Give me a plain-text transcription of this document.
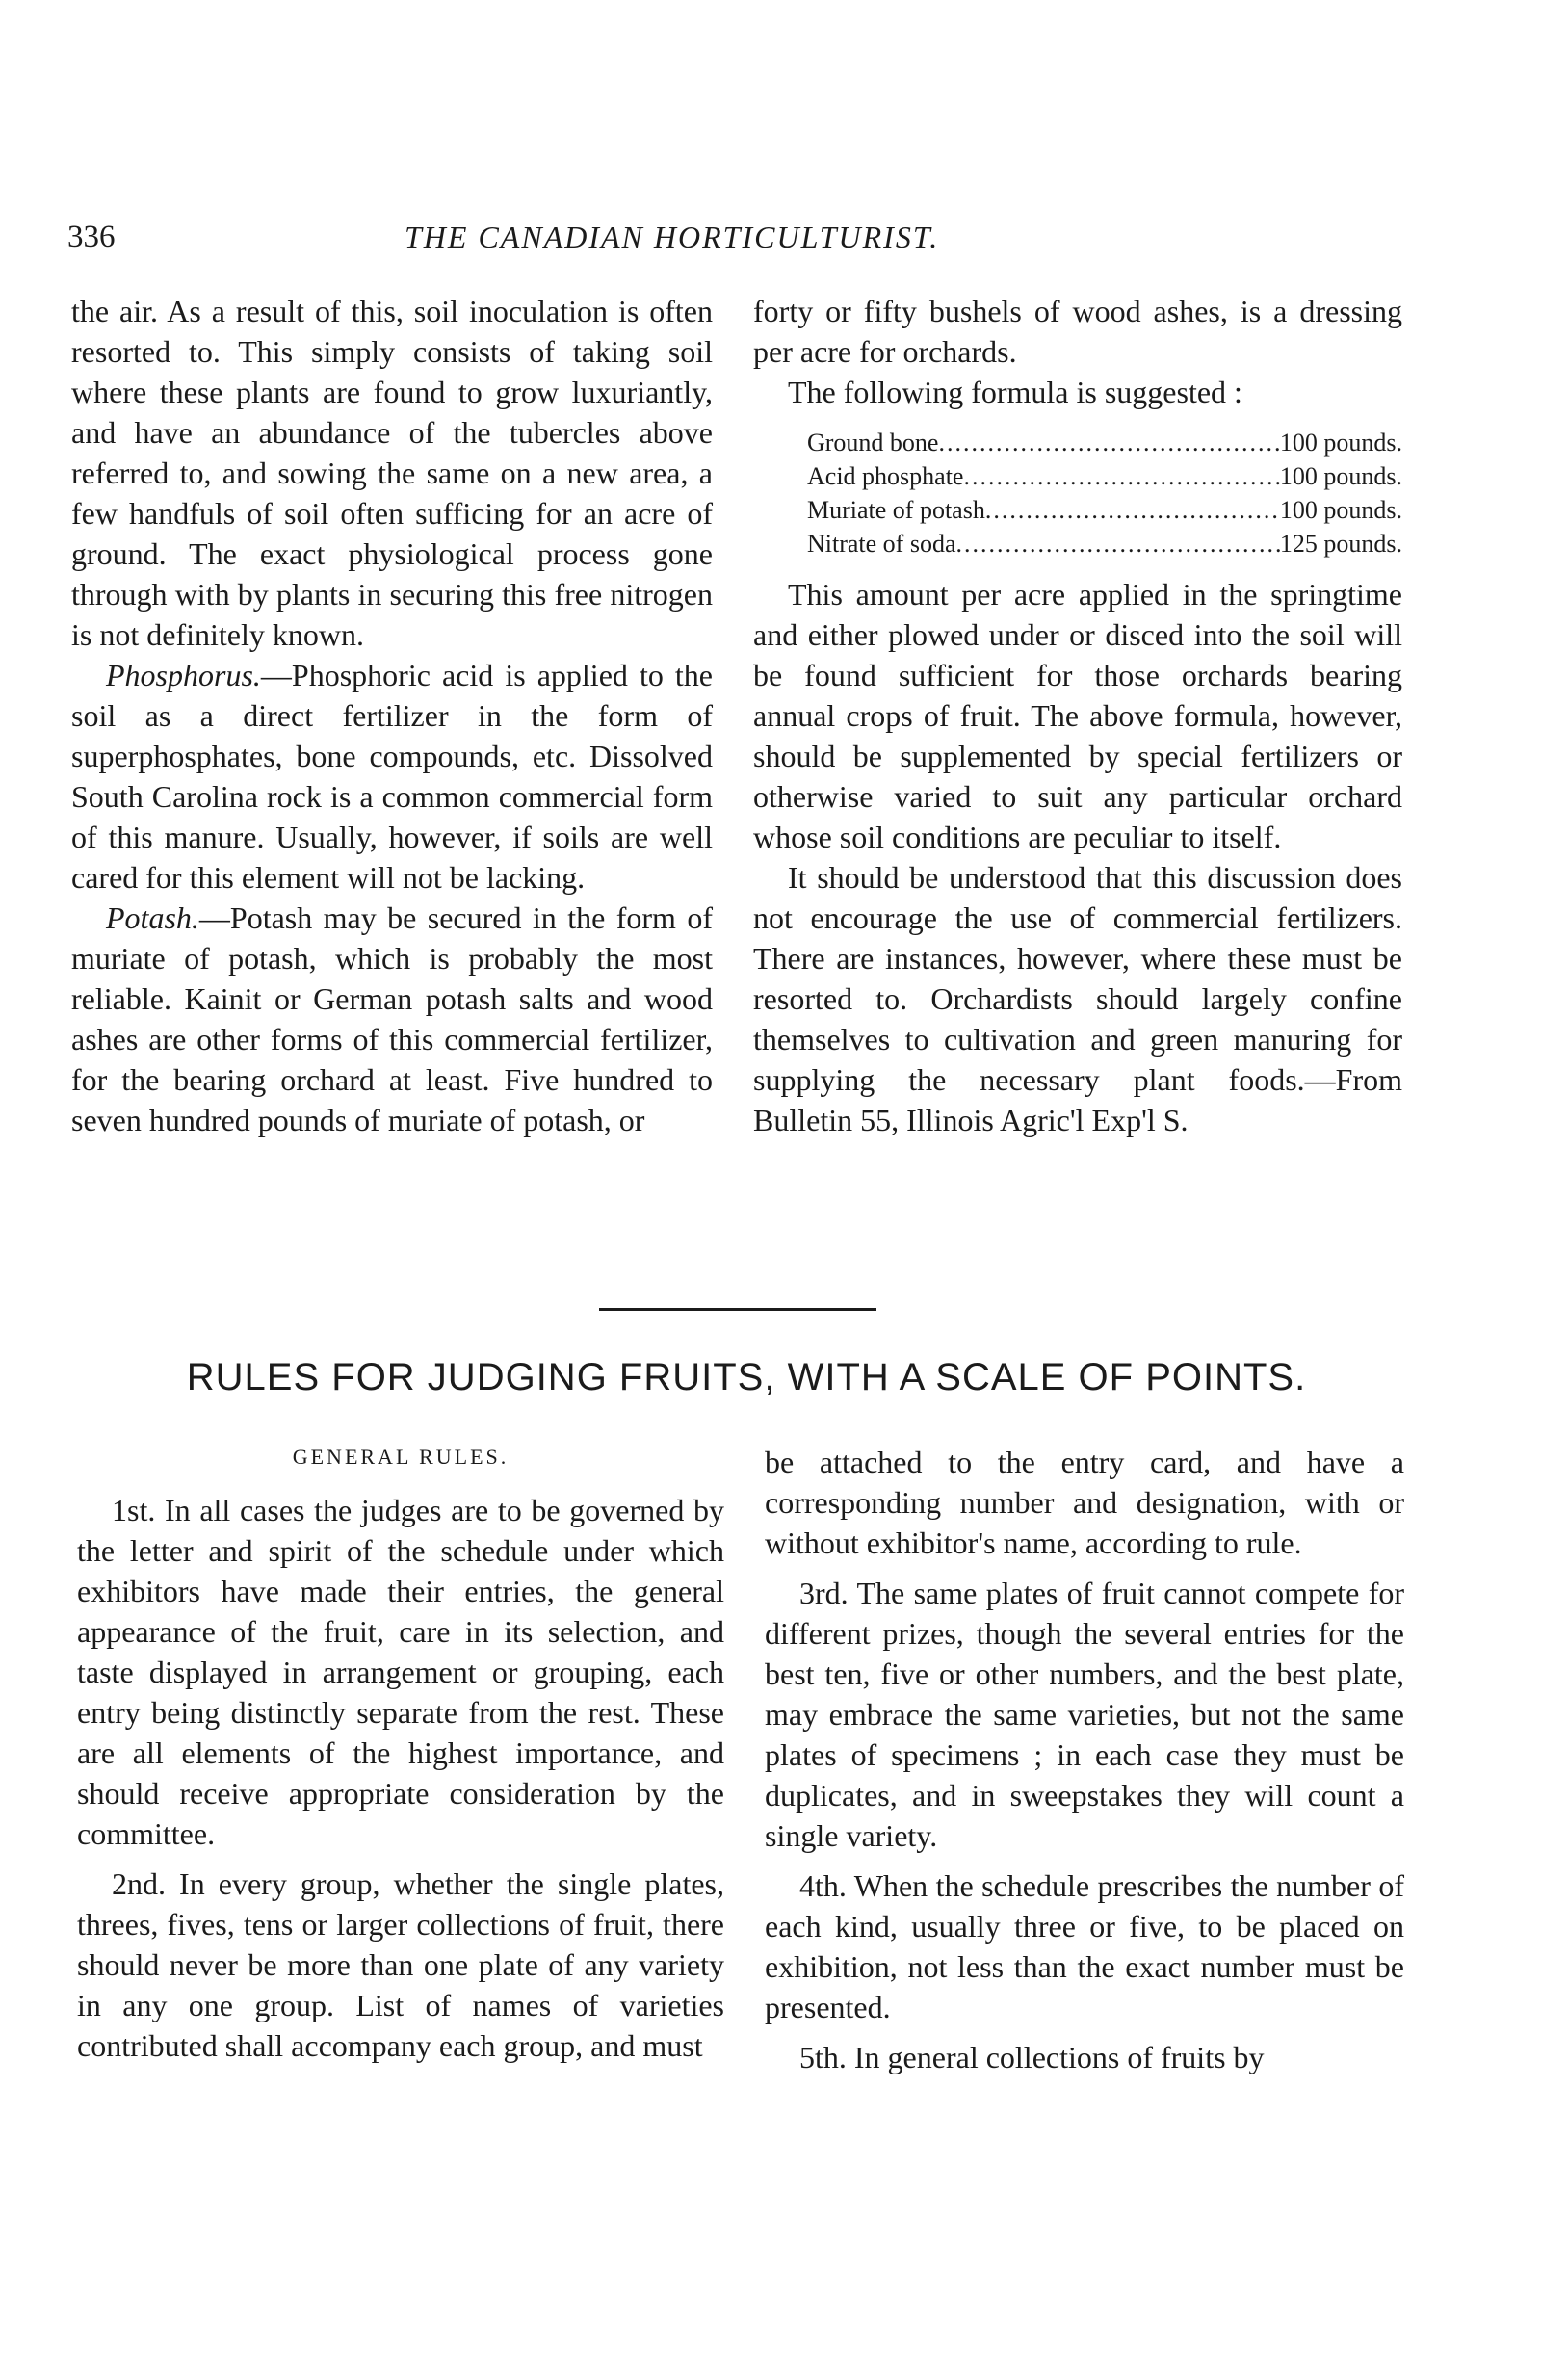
336	THE CANADIAN HORTICULTURIST.

the air. As a result of this, soil inoculation is often resorted to. This simply consists of taking soil where these plants are found to grow luxuriantly, and have an abundance of the tubercles above referred to, and sowing the same on a new area, a few handfuls of soil often sufficing for an acre of ground. The exact physiological process gone through with by plants in securing this free nitrogen is not definitely known.

Phosphorus.—Phosphoric acid is applied to the soil as a direct fertilizer in the form of superphosphates, bone compounds, etc. Dissolved South Carolina rock is a common commercial form of this manure. Usually, however, if soils are well cared for this element will not be lacking.

Potash.—Potash may be secured in the form of muriate of potash, which is probably the most reliable. Kainit or German potash salts and wood ashes are other forms of this commercial fertilizer, for the bearing orchard at least. Five hundred to seven hundred pounds of muriate of potash, or

forty or fifty bushels of wood ashes, is a dressing per acre for orchards.

The following formula is suggested :

Ground bone .....	100 pounds.
Acid phosphate .....	100 pounds.
Muriate of potash .....	100 pounds.
Nitrate of soda .....	125 pounds.

This amount per acre applied in the springtime and either plowed under or disced into the soil will be found sufficient for those orchards bearing annual crops of fruit. The above formula, however, should be supplemented by special fertilizers or otherwise varied to suit any particular orchard whose soil conditions are peculiar to itself.

It should be understood that this discussion does not encourage the use of commercial fertilizers. There are instances, however, where these must be resorted to. Orchardists should largely confine themselves to cultivation and green manuring for supplying the necessary plant foods.—From Bulletin 55, Illinois Agric'l Exp'l S.

RULES FOR JUDGING FRUITS, WITH A SCALE OF POINTS.
GENERAL RULES.

1st. In all cases the judges are to be governed by the letter and spirit of the schedule under which exhibitors have made their entries, the general appearance of the fruit, care in its selection, and taste displayed in arrangement or grouping, each entry being distinctly separate from the rest. These are all elements of the highest importance, and should receive appropriate consideration by the committee.

2nd. In every group, whether the single plates, threes, fives, tens or larger collections of fruit, there should never be more than one plate of any variety in any one group. List of names of varieties contributed shall accompany each group, and must

be attached to the entry card, and have a corresponding number and designation, with or without exhibitor's name, according to rule.

3rd. The same plates of fruit cannot compete for different prizes, though the several entries for the best ten, five or other numbers, and the best plate, may embrace the same varieties, but not the same plates of specimens ; in each case they must be duplicates, and in sweepstakes they will count a single variety.

4th. When the schedule prescribes the number of each kind, usually three or five, to be placed on exhibition, not less than the exact number must be presented.

5th. In general collections of fruits by
